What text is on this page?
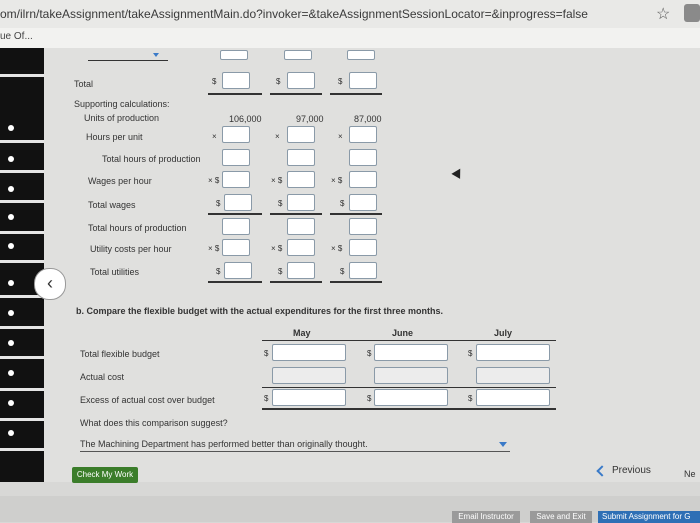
om/ilrn/takeAssignment/takeAssignmentMain.do?invoker=&takeAssignmentSessionLocator=&inprogress=false	☆
ue Of...
Total	$	$	$
Supporting calculations:
Units of production	106,000	97,000	87,000
Hours per unit	×	×	×
Total hours of production
Wages per hour	× $	× $	× $
Total wages	$	$	$
Total hours of production
Utility costs per hour	× $	× $	× $
Total utilities	$	$	$
‹
b. Compare the flexible budget with the actual expenditures for the first three months.
May	June	July
Total flexible budget	$	$	$
Actual cost
Excess of actual cost over budget	$	$	$
What does this comparison suggest?
The Machining Department has performed better than originally thought.
Check My Work	Previous	Ne
Email Instructor	Save and Exit	Submit Assignment for G
